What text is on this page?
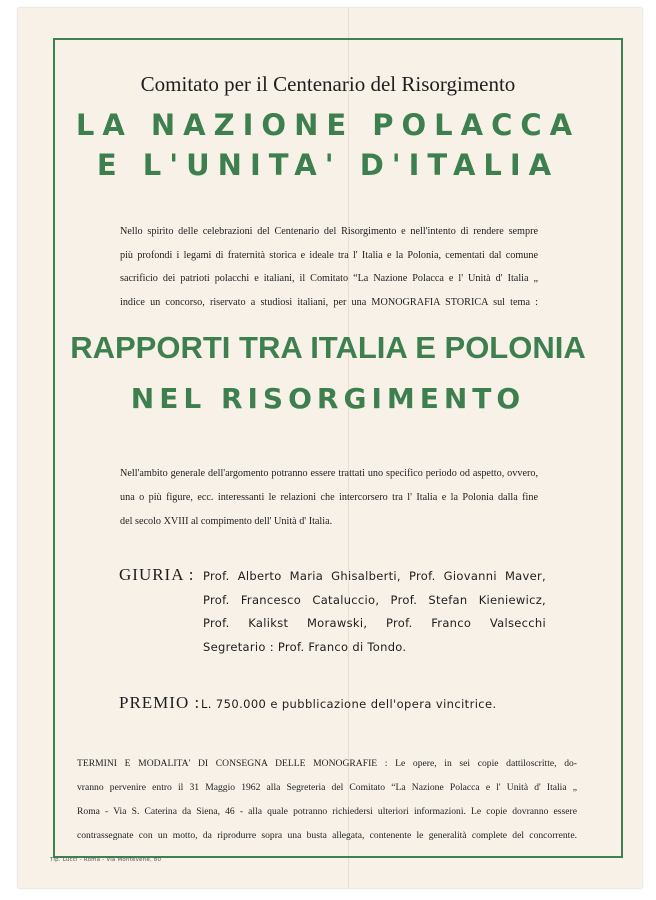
Comitato per il Centenario del Risorgimento
LA NAZIONE POLACCA
E L'UNITA' D'ITALIA
Nello spirito delle celebrazioni del Centenario del Risorgimento e nell'intento di rendere sempre
più profondi i legami di fraternità storica e ideale tra l' Italia e la Polonia, cementati dal comune
sacrificio dei patrioti polacchi e italiani, il Comitato “La Nazione Polacca e l' Unità d' Italia „
indice un concorso, riservato a studiosi italiani, per una MONOGRAFIA STORICA sul tema :
RAPPORTI TRA ITALIA E POLONIA
NEL RISORGIMENTO
Nell'ambito generale dell'argomento potranno essere trattati uno specifico periodo od aspetto, ovvero,
una o più figure, ecc. interessanti le relazioni che intercorsero tra l' Italia e la Polonia dalla fine
del secolo XVIII al compimento dell' Unità d' Italia.
GIURIA : Prof. Alberto Maria Ghisalberti, Prof. Giovanni Maver,
Prof. Francesco Cataluccio, Prof. Stefan Kieniewicz,
Prof. Kalikst Morawski, Prof. Franco Valsecchi
Segretario : Prof. Franco di Tondo.
PREMIO : L. 750.000 e pubblicazione dell'opera vincitrice.
TERMINI E MODALITA' DI CONSEGNA DELLE MONOGRAFIE : Le opere, in sei copie dattiloscritte, do-
vranno pervenire entro il 31 Maggio 1962 alla Segreteria del Comitato “La Nazione Polacca e l' Unità d' Italia „
Roma - Via S. Caterina da Siena, 46 - alla quale potranno richiedersi ulteriori informazioni. Le copie dovranno essere
contrassegnate con un motto, da riprodurre sopra una busta allegata, contenente le generalità complete del concorrente.
Tip. Lucci - Roma - Via Montevene, 80
